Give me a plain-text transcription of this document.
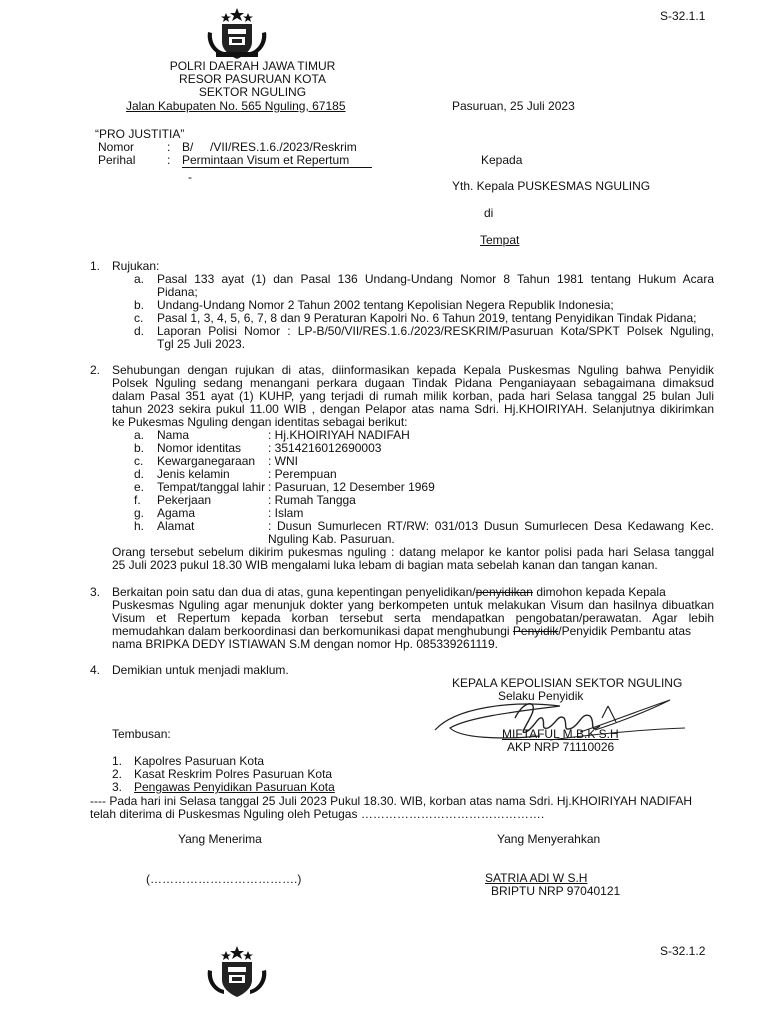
S-32.1.1
POLRI DAERAH JAWA TIMUR
RESOR PASURUAN KOTA
SEKTOR NGULING
Jalan Kabupaten No. 565 Nguling, 67185	Pasuruan, 25 Juli 2023
“PRO JUSTITIA”
Nomor	: B/     /VII/RES.1.6./2023/Reskrim
Perihal	: Permintaan Visum et Repertum
-
Kepada
Yth. Kepala PUSKESMAS NGULING
di
Tempat
1. Rujukan:
a. Pasal 133 ayat (1) dan Pasal 136 Undang-Undang Nomor 8 Tahun 1981 tentang Hukum Acara
Pidana;
b. Undang-Undang Nomor 2 Tahun 2002 tentang Kepolisian Negera Republik Indonesia;
c. Pasal 1, 3, 4, 5, 6, 7, 8 dan 9 Peraturan Kapolri No. 6 Tahun 2019, tentang Penyidikan Tindak Pidana;
d. Laporan Polisi Nomor : LP-B/50/VII/RES.1.6./2023/RESKRIM/Pasuruan Kota/SPKT Polsek Nguling,
Tgl 25 Juli 2023.
2. Sehubungan dengan rujukan di atas, diinformasikan kepada Kepala Puskesmas Nguling bahwa Penyidik
Polsek Nguling sedang menangani perkara dugaan Tindak Pidana Penganiayaan sebagaimana dimaksud
dalam Pasal 351 ayat (1) KUHP, yang terjadi di rumah milik korban, pada hari Selasa tanggal 25 bulan Juli
tahun 2023 sekira pukul 11.00 WIB , dengan Pelapor atas nama Sdri. Hj.KHOIRIYAH. Selanjutnya dikirimkan
ke Pukesmas Nguling dengan identitas sebagai berikut:
a. Nama	: Hj.KHOIRIYAH NADIFAH
b. Nomor identitas : 3514216012690003
c. Kewarganegaraan : WNI
d. Jenis kelamin	: Perempuan
e. Tempat/tanggal lahir : Pasuruan, 12 Desember 1969
f. Pekerjaan	: Rumah Tangga
g. Agama	: Islam
h. Alamat	: Dusun Sumurlecen RT/RW: 031/013 Dusun Sumurlecen Desa Kedawang Kec.
Nguling Kab. Pasuruan.
Orang tersebut sebelum dikirim pukesmas nguling : datang melapor ke kantor polisi pada hari Selasa tanggal
25 Juli 2023 pukul 18.30 WIB mengalami luka lebam di bagian mata sebelah kanan dan tangan kanan.
3. Berkaitan poin satu dan dua di atas, guna kepentingan penyelidikan/penyidikan dimohon kepada Kepala
Puskesmas Nguling agar menunjuk dokter yang berkompeten untuk melakukan Visum dan hasilnya dibuatkan
Visum et Repertum kepada korban tersebut serta mendapatkan pengobatan/perawatan. Agar lebih
memudahkan dalam berkoordinasi dan berkomunikasi dapat menghubungi Penyidik/Penyidik Pembantu atas
nama BRIPKA DEDY ISTIAWAN S.M dengan nomor Hp. 085339261119.
4. Demikian untuk menjadi maklum.
KEPALA KEPOLISIAN SEKTOR NGULING
Selaku Penyidik
MIFTAFUL M.B.K S.H
AKP NRP 71110026
Tembusan:
1. Kapolres Pasuruan Kota
2. Kasat Reskrim Polres Pasuruan Kota
3. Pengawas Penyidikan Pasuruan Kota
---- Pada hari ini Selasa tanggal 25 Juli 2023 Pukul 18.30. WIB, korban atas nama Sdri. Hj.KHOIRIYAH NADIFAH
telah diterima di Puskesmas Nguling oleh Petugas ……………………………………….
Yang Menerima	Yang Menyerahkan
(……………………………….)	SATRIA ADI W S.H
BRIPTU NRP 97040121
S-32.1.2
